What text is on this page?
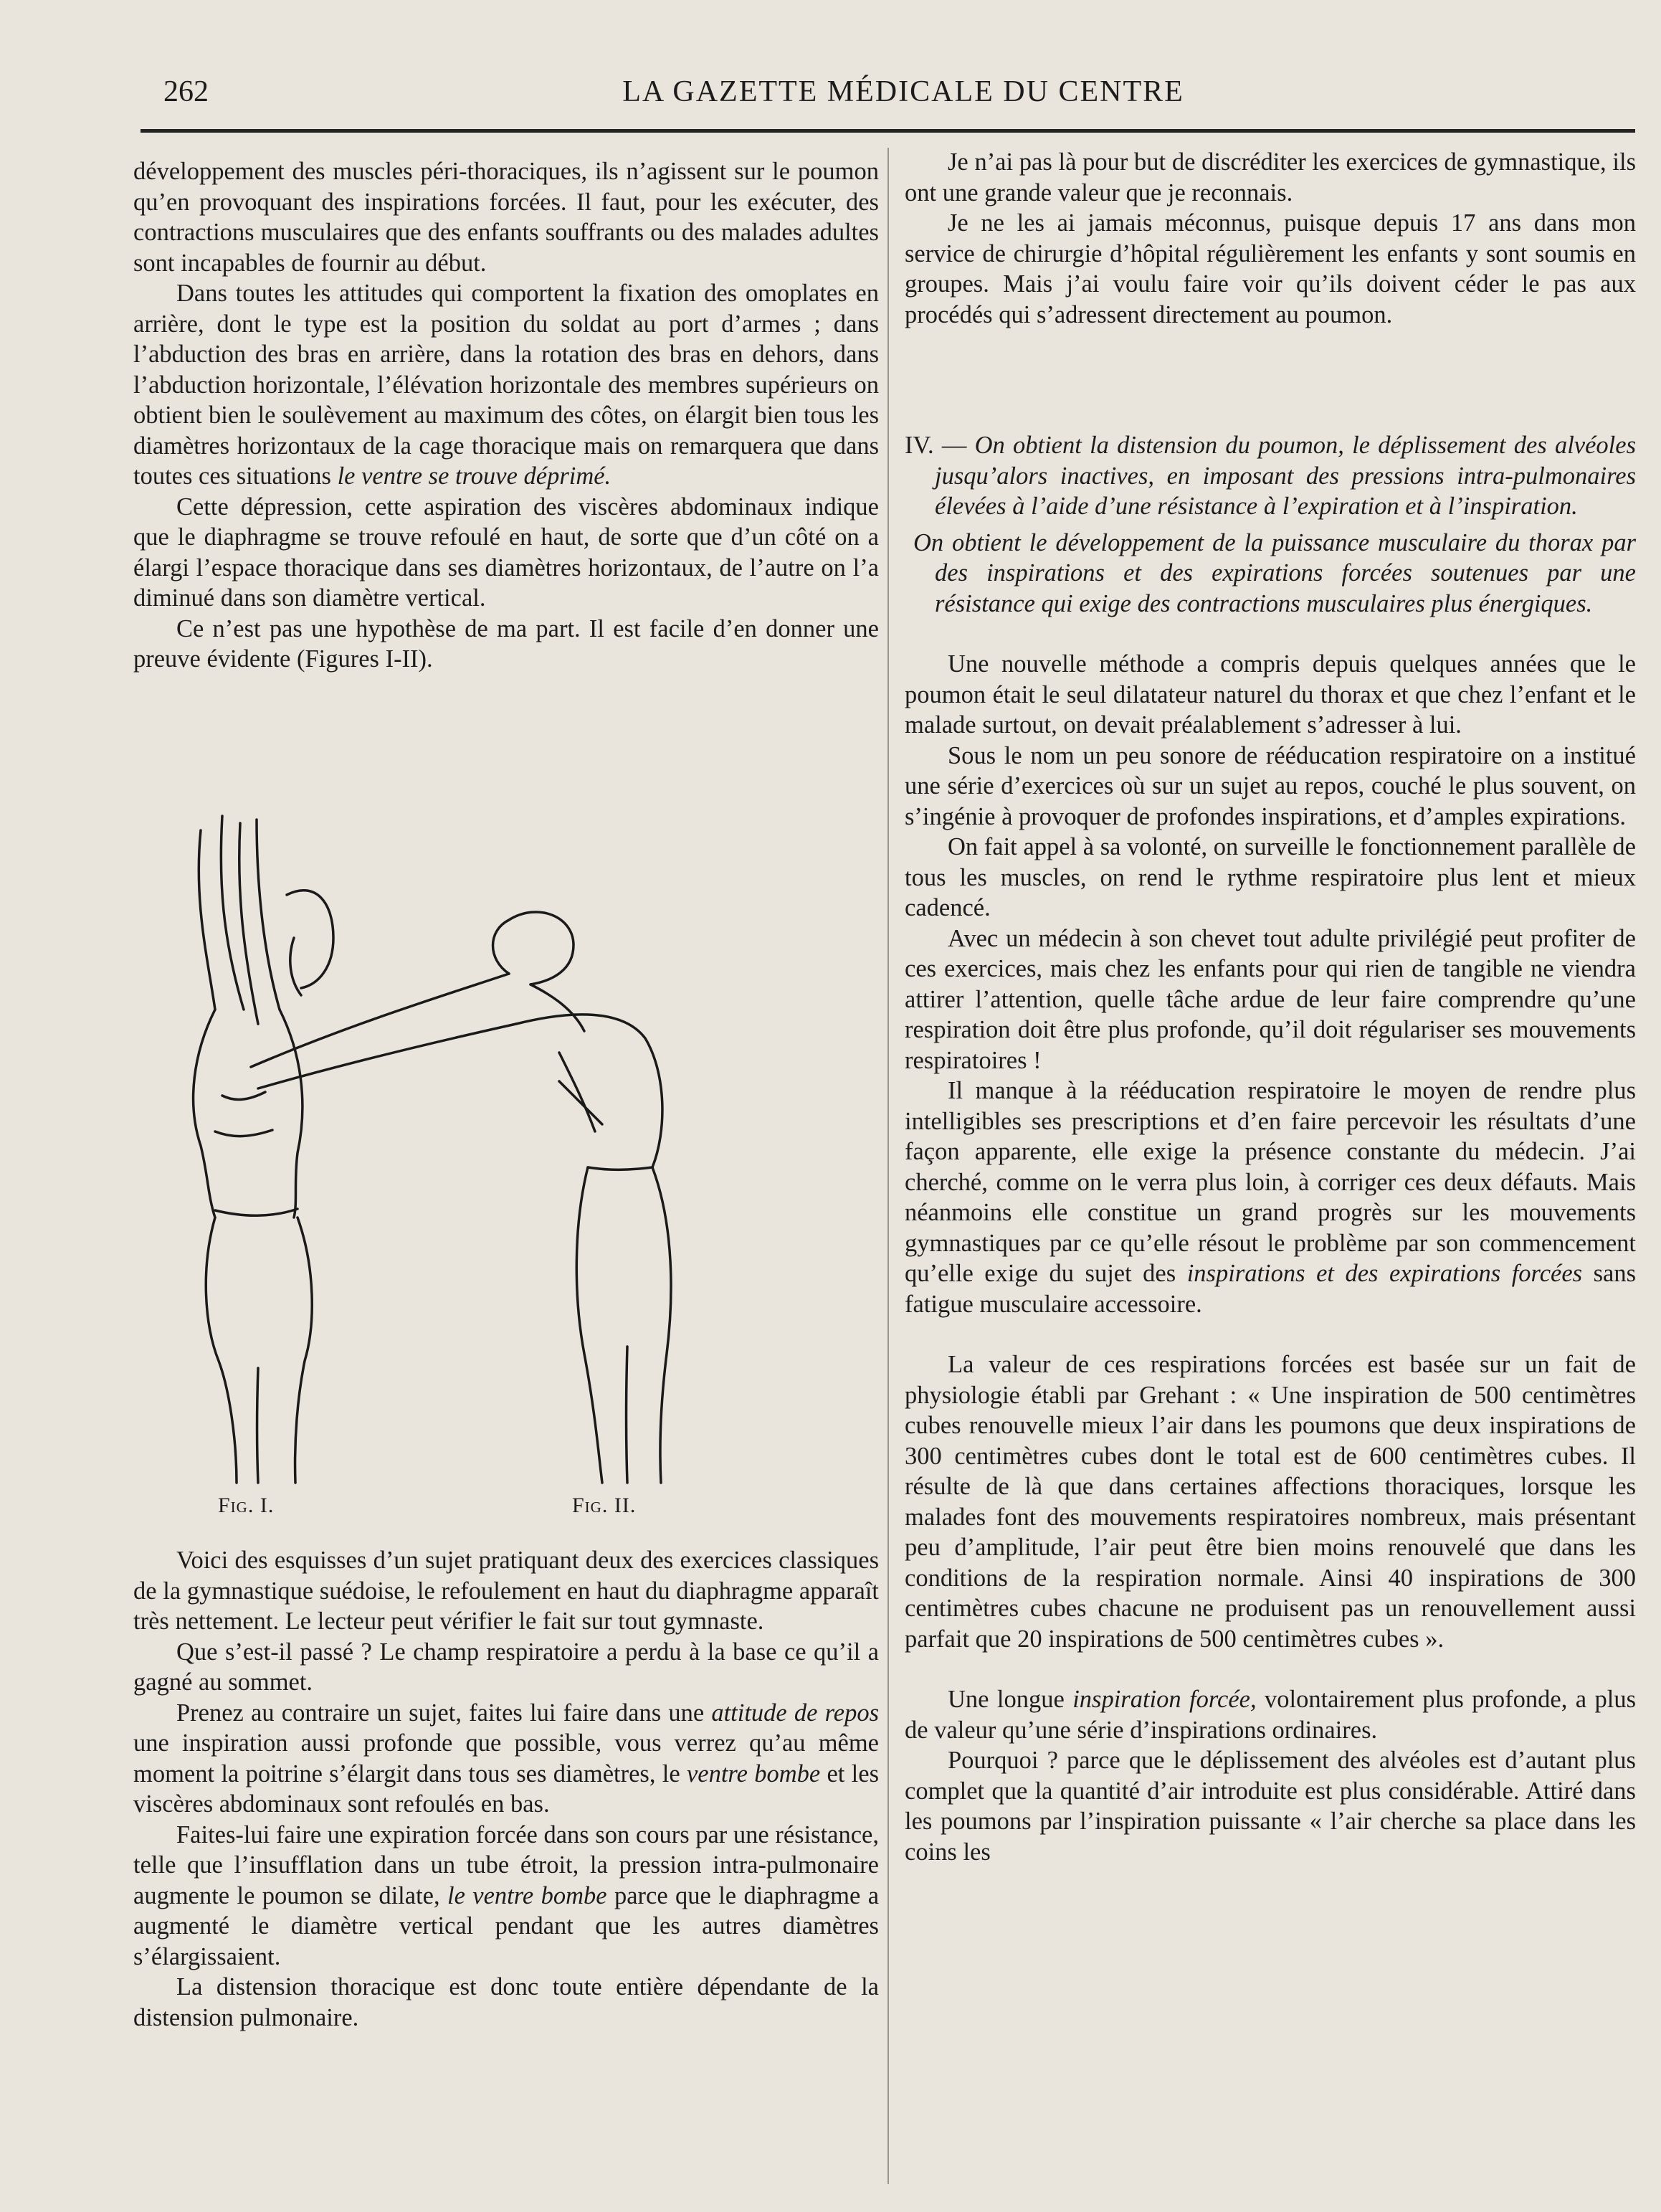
262	LA GAZETTE MÉDICALE DU CENTRE

développement des muscles péri-thoraciques, ils n’agissent sur le poumon qu’en provoquant des inspirations forcées. Il faut, pour les exécuter, des contractions musculaires que des enfants souffrants ou des malades adultes sont incapables de fournir au début.

Dans toutes les attitudes qui comportent la fixation des omoplates en arrière, dont le type est la position du soldat au port d’armes ; dans l’abduction des bras en arrière, dans la rotation des bras en dehors, dans l’abduction horizontale, l’élévation horizontale des membres supérieurs on obtient bien le soulèvement au maximum des côtes, on élargit bien tous les diamètres horizontaux de la cage thoracique mais on remarquera que dans toutes ces situations le ventre se trouve déprimé.

Cette dépression, cette aspiration des viscères abdominaux indique que le diaphragme se trouve refoulé en haut, de sorte que d’un côté on a élargi l’espace thoracique dans ses diamètres horizontaux, de l’autre on l’a diminué dans son diamètre vertical.

Ce n’est pas une hypothèse de ma part. Il est facile d’en donner une preuve évidente (Figures I-II).

Fig. I.	Fig. II.

Voici des esquisses d’un sujet pratiquant deux des exercices classiques de la gymnastique suédoise, le refoulement en haut du diaphragme apparaît très nettement. Le lecteur peut vérifier le fait sur tout gymnaste.

Que s’est-il passé ? Le champ respiratoire a perdu à la base ce qu’il a gagné au sommet.

Prenez au contraire un sujet, faites lui faire dans une attitude de repos une inspiration aussi profonde que possible, vous verrez qu’au même moment la poitrine s’élargit dans tous ses diamètres, le ventre bombe et les viscères abdominaux sont refoulés en bas.

Faites-lui faire une expiration forcée dans son cours par une résistance, telle que l’insufflation dans un tube étroit, la pression intra-pulmonaire augmente le poumon se dilate, le ventre bombe parce que le diaphragme a augmenté le diamètre vertical pendant que les autres diamètres s’élargissaient.

La distension thoracique est donc toute entière dépendante de la distension pulmonaire.

Je n’ai pas là pour but de discréditer les exercices de gymnastique, ils ont une grande valeur que je reconnais.

Je ne les ai jamais méconnus, puisque depuis 17 ans dans mon service de chirurgie d’hôpital régulièrement les enfants y sont soumis en groupes. Mais j’ai voulu faire voir qu’ils doivent céder le pas aux procédés qui s’adressent directement au poumon.

IV. — On obtient la distension du poumon, le déplissement des alvéoles jusqu’alors inactives, en imposant des pressions intra-pulmonaires élevées à l’aide d’une résistance à l’expiration et à l’inspiration.

On obtient le développement de la puissance musculaire du thorax par des inspirations et des expirations forcées soutenues par une résistance qui exige des contractions musculaires plus énergiques.

Une nouvelle méthode a compris depuis quelques années que le poumon était le seul dilatateur naturel du thorax et que chez l’enfant et le malade surtout, on devait préalablement s’adresser à lui.

Sous le nom un peu sonore de rééducation respiratoire on a institué une série d’exercices où sur un sujet au repos, couché le plus souvent, on s’ingénie à provoquer de profondes inspirations, et d’amples expirations.

On fait appel à sa volonté, on surveille le fonctionnement parallèle de tous les muscles, on rend le rythme respiratoire plus lent et mieux cadencé.

Avec un médecin à son chevet tout adulte privilégié peut profiter de ces exercices, mais chez les enfants pour qui rien de tangible ne viendra attirer l’attention, quelle tâche ardue de leur faire comprendre qu’une respiration doit être plus profonde, qu’il doit régulariser ses mouvements respiratoires !

Il manque à la rééducation respiratoire le moyen de rendre plus intelligibles ses prescriptions et d’en faire percevoir les résultats d’une façon apparente, elle exige la présence constante du médecin. J’ai cherché, comme on le verra plus loin, à corriger ces deux défauts. Mais néanmoins elle constitue un grand progrès sur les mouvements gymnastiques par ce qu’elle résout le problème par son commencement qu’elle exige du sujet des inspirations et des expirations forcées sans fatigue musculaire accessoire.

La valeur de ces respirations forcées est basée sur un fait de physiologie établi par Grehant : « Une inspiration de 500 centimètres cubes renouvelle mieux l’air dans les poumons que deux inspirations de 300 centimètres cubes dont le total est de 600 centimètres cubes. Il résulte de là que dans certaines affections thoraciques, lorsque les malades font des mouvements respiratoires nombreux, mais présentant peu d’amplitude, l’air peut être bien moins renouvelé que dans les conditions de la respiration normale. Ainsi 40 inspirations de 300 centimètres cubes chacune ne produisent pas un renouvellement aussi parfait que 20 inspirations de 500 centimètres cubes ».

Une longue inspiration forcée, volontairement plus profonde, a plus de valeur qu’une série d’inspirations ordinaires.

Pourquoi ? parce que le déplissement des alvéoles est d’autant plus complet que la quantité d’air introduite est plus considérable. Attiré dans les poumons par l’inspiration puissante « l’air cherche sa place dans les coins les
